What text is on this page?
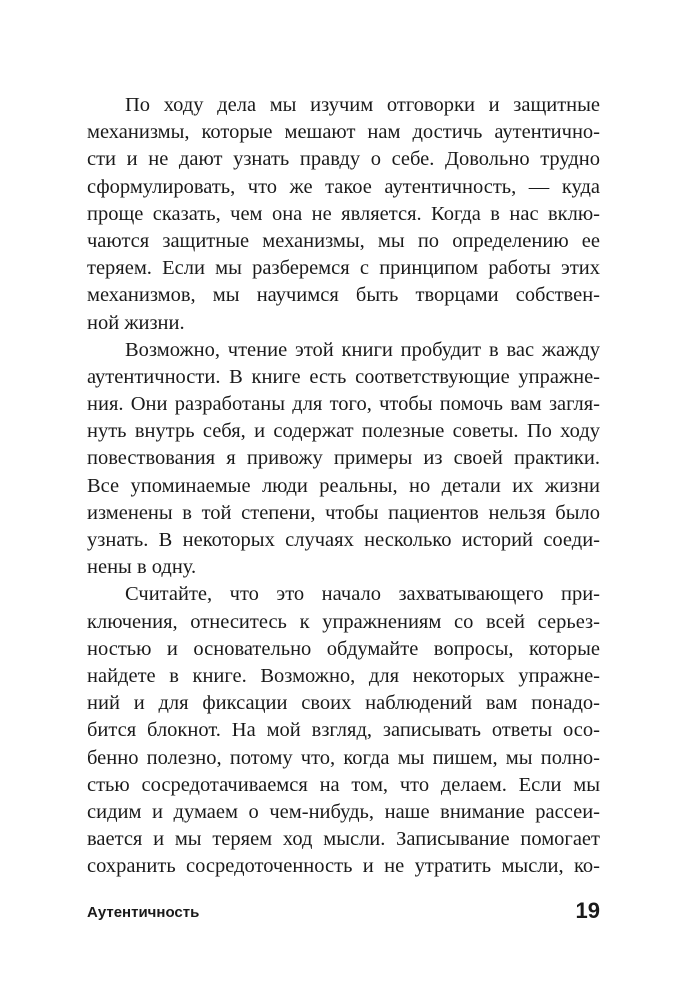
По ходу дела мы изучим отговорки и защитные
механизмы, которые мешают нам достичь аутентично-
сти и не дают узнать правду о себе. Довольно трудно
сформулировать, что же такое аутентичность, — куда
проще сказать, чем она не является. Когда в нас вклю-
чаются защитные механизмы, мы по определению ее
теряем. Если мы разберемся с принципом работы этих
механизмов, мы научимся быть творцами собствен-
ной жизни.
Возможно, чтение этой книги пробудит в вас жажду
аутентичности. В книге есть соответствующие упражне-
ния. Они разработаны для того, чтобы помочь вам загля-
нуть внутрь себя, и содержат полезные советы. По ходу
повествования я привожу примеры из своей практики.
Все упоминаемые люди реальны, но детали их жизни
изменены в той степени, чтобы пациентов нельзя было
узнать. В некоторых случаях несколько историй соеди-
нены в одну.
Считайте, что это начало захватывающего при-
ключения, отнеситесь к упражнениям со всей серьез-
ностью и основательно обдумайте вопросы, которые
найдете в книге. Возможно, для некоторых упражне-
ний и для фиксации своих наблюдений вам понадо-
бится блокнот. На мой взгляд, записывать ответы осо-
бенно полезно, потому что, когда мы пишем, мы полно-
стью сосредотачиваемся на том, что делаем. Если мы
сидим и думаем о чем-нибудь, наше внимание рассеи-
вается и мы теряем ход мысли. Записывание помогает
сохранить сосредоточенность и не утратить мысли, ко-
Аутентичность	19
